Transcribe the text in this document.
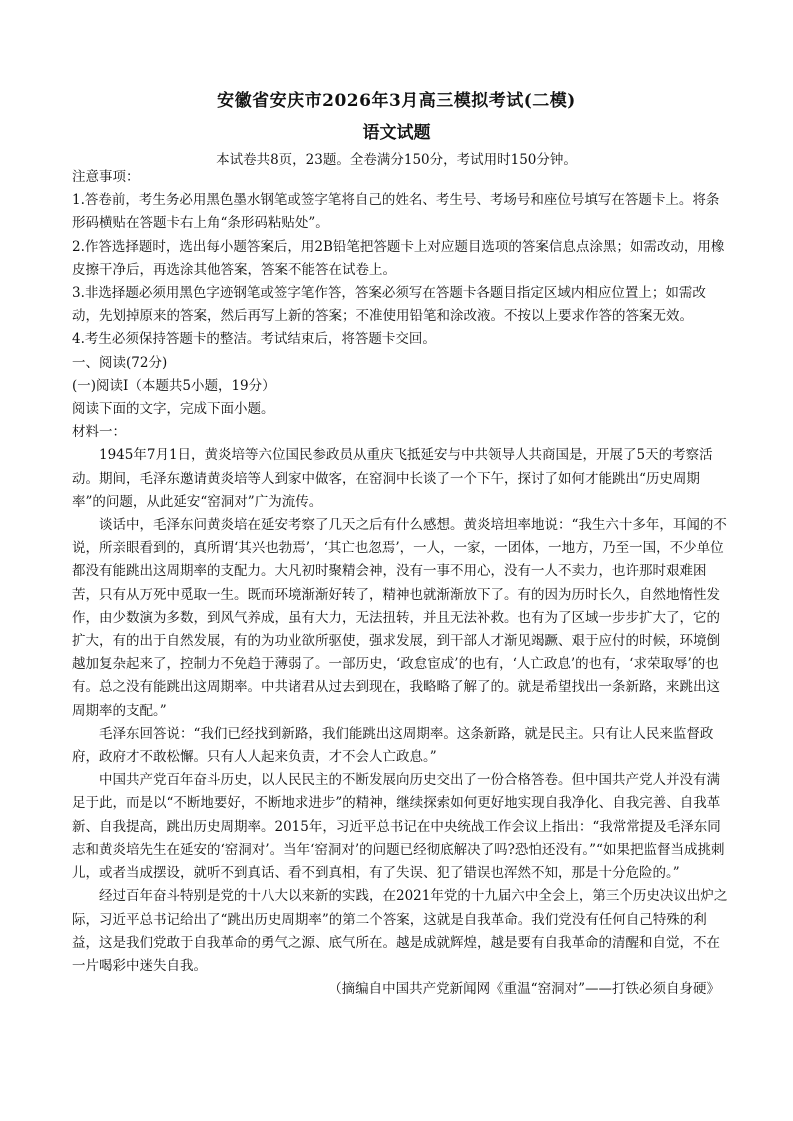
安徽省安庆市2026年3月高三模拟考试(二模)
语文试题
本试卷共8页，23题。全卷满分150分，考试用时150分钟。

注意事项：

1.答卷前，考生务必用黑色墨水钢笔或签字笔将自己的姓名、考生号、考场号和座位号填写在答题卡上。将条形码横贴在答题卡右上角“条形码粘贴处”。

2.作答选择题时，选出每小题答案后，用2B铅笔把答题卡上对应题目选项的答案信息点涂黑；如需改动，用橡皮擦干净后，再选涂其他答案，答案不能答在试卷上。

3.非选择题必须用黑色字迹钢笔或签字笔作答，答案必须写在答题卡各题目指定区域内相应位置上；如需改动，先划掉原来的答案，然后再写上新的答案；不准使用铅笔和涂改液。不按以上要求作答的答案无效。

4.考生必须保持答题卡的整洁。考试结束后，将答题卡交回。

一、阅读(72分)

(一)阅读Ⅰ（本题共5小题，19分）

阅读下面的文字，完成下面小题。

材料一：

1945年7月1日，黄炎培等六位国民参政员从重庆飞抵延安与中共领导人共商国是，开展了5天的考察活动。期间，毛泽东邀请黄炎培等人到家中做客，在窑洞中长谈了一个下午，探讨了如何才能跳出“历史周期率”的问题，从此延安“窑洞对”广为流传。

谈话中，毛泽东问黄炎培在延安考察了几天之后有什么感想。黄炎培坦率地说：“我生六十多年，耳闻的不说，所亲眼看到的，真所谓‘其兴也勃焉’，‘其亡也忽焉’，一人，一家，一团体，一地方，乃至一国，不少单位都没有能跳出这周期率的支配力。大凡初时聚精会神，没有一事不用心，没有一人不卖力，也许那时艰难困苦，只有从万死中觅取一生。既而环境渐渐好转了，精神也就渐渐放下了。有的因为历时长久，自然地惰性发作，由少数演为多数，到风气养成，虽有大力，无法扭转，并且无法补救。也有为了区域一步步扩大了，它的扩大，有的出于自然发展，有的为功业欲所驱使，强求发展，到干部人才渐见竭蹶、艰于应付的时候，环境倒越加复杂起来了，控制力不免趋于薄弱了。一部历史，‘政怠宦成’的也有，‘人亡政息’的也有，‘求荣取辱’的也有。总之没有能跳出这周期率。中共诸君从过去到现在，我略略了解了的。就是希望找出一条新路，来跳出这周期率的支配。”

毛泽东回答说：“我们已经找到新路，我们能跳出这周期率。这条新路，就是民主。只有让人民来监督政府，政府才不敢松懈。只有人人起来负责，才不会人亡政息。”

中国共产党百年奋斗历史，以人民民主的不断发展向历史交出了一份合格答卷。但中国共产党人并没有满足于此，而是以“不断地要好，不断地求进步”的精神，继续探索如何更好地实现自我净化、自我完善、自我革新、自我提高，跳出历史周期率。2015年，习近平总书记在中央统战工作会议上指出：“我常常提及毛泽东同志和黄炎培先生在延安的‘窑洞对’。当年‘窑洞对’的问题已经彻底解决了吗?恐怕还没有。”“如果把监督当成挑刺儿，或者当成摆设，就听不到真话、看不到真相，有了失误、犯了错误也浑然不知，那是十分危险的。”

经过百年奋斗特别是党的十八大以来新的实践，在2021年党的十九届六中全会上，第三个历史决议出炉之际，习近平总书记给出了“跳出历史周期率”的第二个答案，这就是自我革命。我们党没有任何自己特殊的利益，这是我们党敢于自我革命的勇气之源、底气所在。越是成就辉煌，越是要有自我革命的清醒和自觉，不在一片喝彩中迷失自我。

（摘编自中国共产党新闻网《重温“窑洞对”——打铁必须自身硬》
